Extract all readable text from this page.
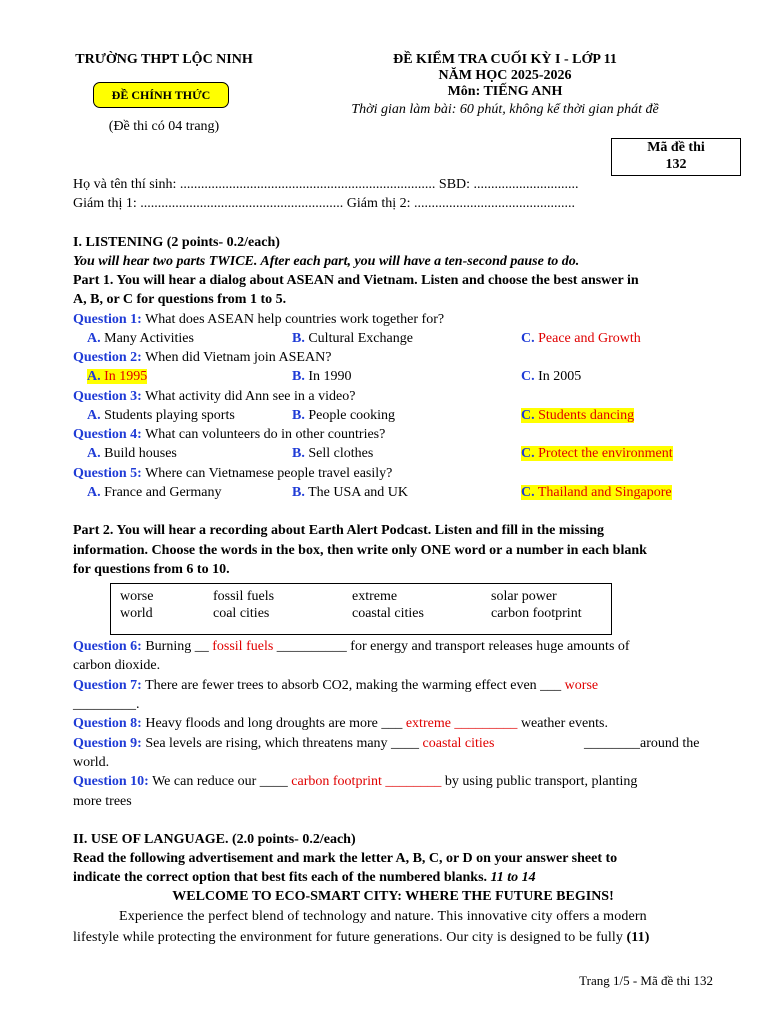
TRƯỜNG THPT LỘC NINH
ĐỀ CHÍNH THỨC
(Đề thi có 04 trang)
ĐỀ KIỂM TRA CUỐI KỲ I - LỚP 11
NĂM HỌC 2025-2026
Môn: TIẾNG ANH
Thời gian làm bài: 60 phút, không kể thời gian phát đề
Mã đề thi
132
Họ và tên thí sinh: ......................................................................... SBD: ..............................
Giám thị 1: .......................................................... Giám thị 2: ..............................................
I. LISTENING (2 points- 0.2/each)
You will hear two parts TWICE. After each part, you will have a ten-second pause to do.
Part 1. You will hear a dialog about ASEAN and Vietnam. Listen and choose the best answer in
A, B, or C for questions from 1 to 5.
Question 1: What does ASEAN help countries work together for?
A. Many Activities	B. Cultural Exchange	C. Peace and Growth
Question 2: When did Vietnam join ASEAN?
A. In 1995	B. In 1990	C. In 2005
Question 3: What activity did Ann see in a video?
A. Students playing sports	B. People cooking	C. Students dancing
Question 4: What can volunteers do in other countries?
A. Build houses	B. Sell clothes	C. Protect the environment
Question 5: Where can Vietnamese people travel easily?
A. France and Germany	B. The USA and UK	C. Thailand and Singapore
Part 2. You will hear a recording about Earth Alert Podcast. Listen and fill in the missing
information. Choose the words in the box, then write only ONE word or a number in each blank
for questions from 6 to 10.
worse	fossil fuels	extreme	solar power
world	coal cities	coastal cities	carbon footprint
Question 6: Burning __ fossil fuels __________ for energy and transport releases huge amounts of
carbon dioxide.
Question 7: There are fewer trees to absorb CO2, making the warming effect even ___ worse
_________.
Question 8: Heavy floods and long droughts are more ___ extreme _________ weather events.
Question 9: Sea levels are rising, which threatens many ____ coastal cities	________around the
world.
Question 10: We can reduce our ____ carbon footprint ________ by using public transport, planting
more trees
II. USE OF LANGUAGE. (2.0 points- 0.2/each)
Read the following advertisement and mark the letter A, B, C, or D on your answer sheet to
indicate the correct option that best fits each of the numbered blanks. 11 to 14
WELCOME TO ECO-SMART CITY: WHERE THE FUTURE BEGINS!
Experience the perfect blend of technology and nature. This innovative city offers a modern
lifestyle while protecting the environment for future generations. Our city is designed to be fully (11)
Trang 1/5 - Mã đề thi 132
